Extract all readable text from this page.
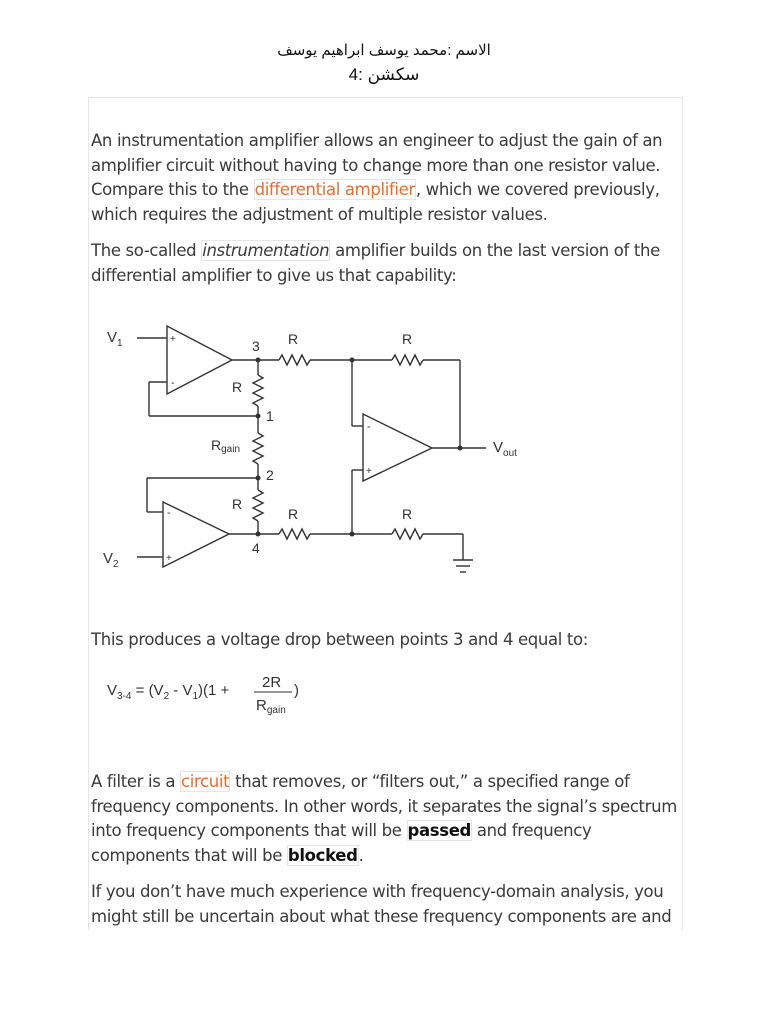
الاسم :محمد يوسف ابراهيم يوسف
سكشن :4

An instrumentation amplifier allows an engineer to adjust the gain of an amplifier circuit without having to change more than one resistor value. Compare this to the differential amplifier, which we covered previously, which requires the adjustment of multiple resistor values.

The so-called instrumentation amplifier builds on the last version of the differential amplifier to give us that capability:

+
-
-
+
-
+
$V_1$
$V_2$
$V_{out}$
R
Rgain
R
R	R
R	R
3
1
2
4

This produces a voltage drop between points 3 and 4 equal to:

$V_{3-4} = (V_2 - V_1)(1 + 2R$
$R_{gain}$
)

A filter is a circuit that removes, or “filters out,” a specified range of frequency components. In other words, it separates the signal’s spectrum into frequency components that will be passed and frequency components that will be blocked.

If you don’t have much experience with frequency-domain analysis, you might still be uncertain about what these frequency components are and
